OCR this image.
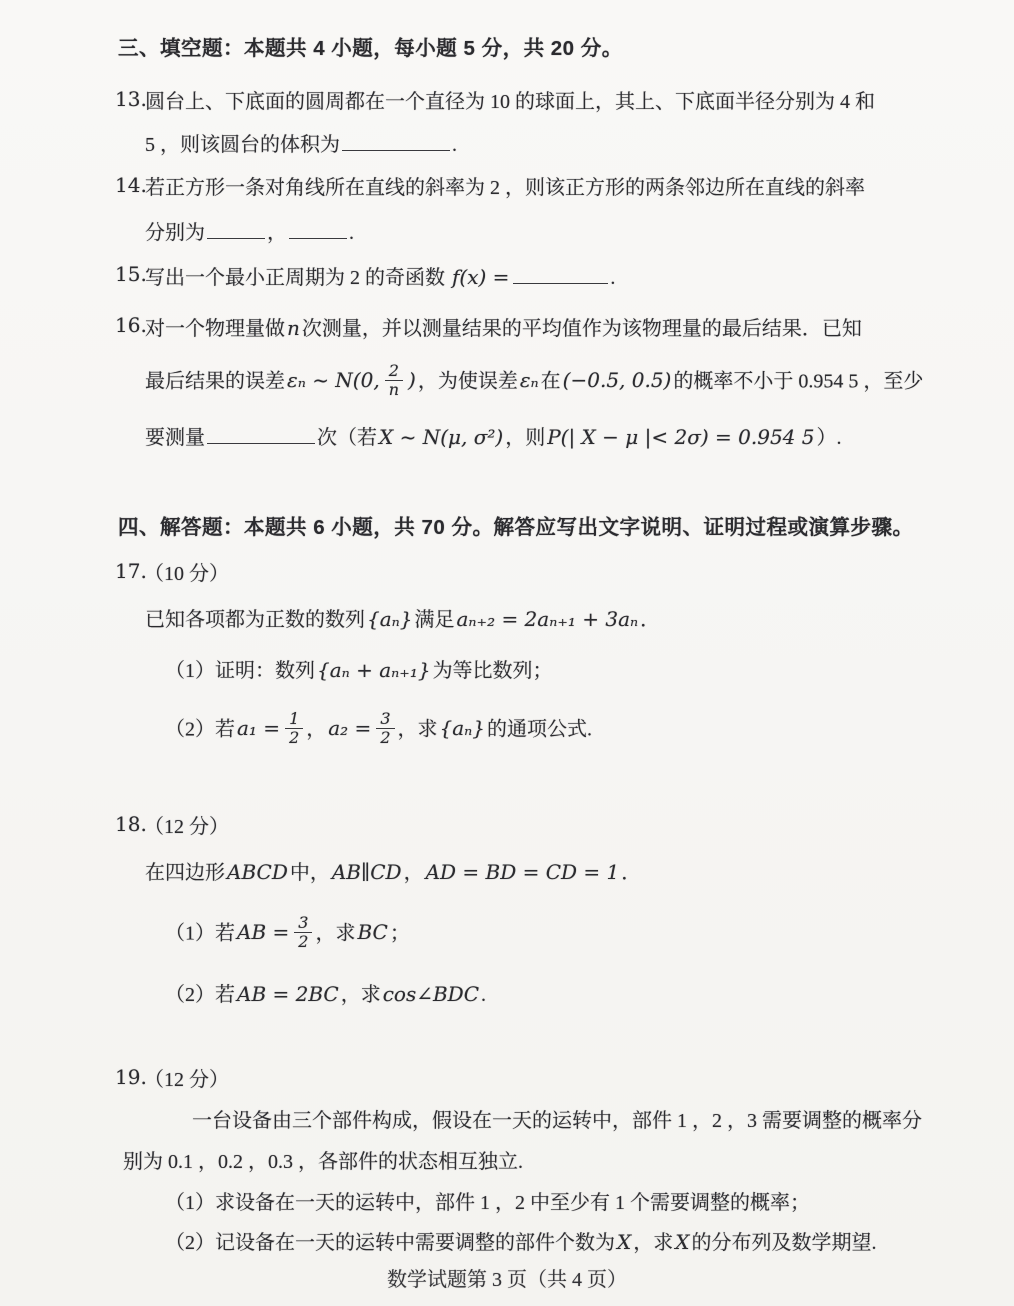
三、填空题：本题共 4 小题，每小题 5 分，共 20 分。
13.
圆台上、下底面的圆周都在一个直径为 10 的球面上，其上、下底面半径分别为 4 和
5 ，则该圆台的体积为	.
14.
若正方形一条对角线所在直线的斜率为 2 ，则该正方形的两条邻边所在直线的斜率
分别为	，	.
15.
写出一个最小正周期为 2 的奇函数 f(x) =	.
16.
对一个物理量做 n 次测量，并以测量结果的平均值作为该物理量的最后结果．已知
最后结果的误差 εₙ ~ N(0, $\frac{2}{n}$ ) ，为使误差 εₙ 在 (−0.5, 0.5) 的概率不小于 0.954 5 ，至少
要测量	次（若 X ~ N(μ, σ²) ，则 P(| X − μ |< 2σ) = 0.954 5 ）.
四、解答题：本题共 6 小题，共 70 分。解答应写出文字说明、证明过程或演算步骤。
17.
（10 分）
已知各项都为正数的数列 {aₙ} 满足 aₙ₊₂ = 2aₙ₊₁ + 3aₙ ．
（1）证明：数列 {aₙ + aₙ₊₁} 为等比数列；
（2）若 $a_1 = \frac{1}{2}$ ， $a_2 = \frac{3}{2}$ ，求 {aₙ} 的通项公式.
18.
（12 分）
在四边形 ABCD 中， AB∥CD ， AD = BD = CD = 1 ．
（1）若 AB = $\frac{3}{2}$ ，求 BC ；
（2）若 AB = 2BC ，求 cos∠BDC .
19.
（12 分）
一台设备由三个部件构成，假设在一天的运转中，部件 1 ，2 ，3 需要调整的概率分
别为 0.1 ，0.2 ，0.3 ，各部件的状态相互独立.
（1）求设备在一天的运转中，部件 1 ，2 中至少有 1 个需要调整的概率；
（2）记设备在一天的运转中需要调整的部件个数为 X ，求 X 的分布列及数学期望.
数学试题第 3 页（共 4 页）
